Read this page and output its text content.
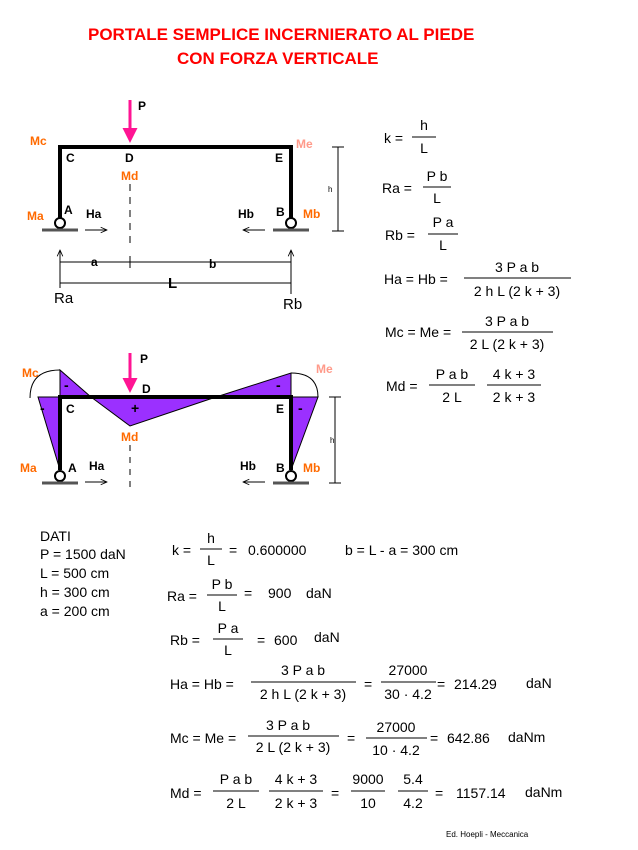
PORTALE SEMPLICE INCERNIERATO AL PIEDE
CON FORZA VERTICALE
P
C	D	E
Mc	Me
Md
A	B
Ma	Mb
Ha	Hb
h
a	b
L
Ra	Rb
k =
h
L
Ra =
P b
L
Rb =
P a
L
Ha = Hb =
3 P a b
2 h L (2 k + 3)
Mc = Me =
3 P a b
2 L (2 k + 3)
Md =
P a b
2 L
4 k + 3
2 k + 3
P
D
Md
C	E
-	-
-	-
+
Mc	Me
A	B
Ma	Mb
Ha	Hb
h
DATI
P = 1500 daN
L = 500 cm
h = 300 cm
a = 200 cm
k =
h
L
= 0.600000	b = L - a = 300 cm
Ra =
P b
L
= 900 daN
Rb =
P a
L
= 600 daN
Ha = Hb =
3 P a b
2 h L (2 k + 3)
=
27000
30 · 4.2
= 214.29 daN
Mc = Me =
3 P a b
2 L (2 k + 3)
=
27000
10 · 4.2
= 642.86 daNm
Md =
P a b
2 L
4 k + 3
2 k + 3
=
9000
10
5.4
4.2
= 1157.14 daNm
Ed. Hoepli - Meccanica
